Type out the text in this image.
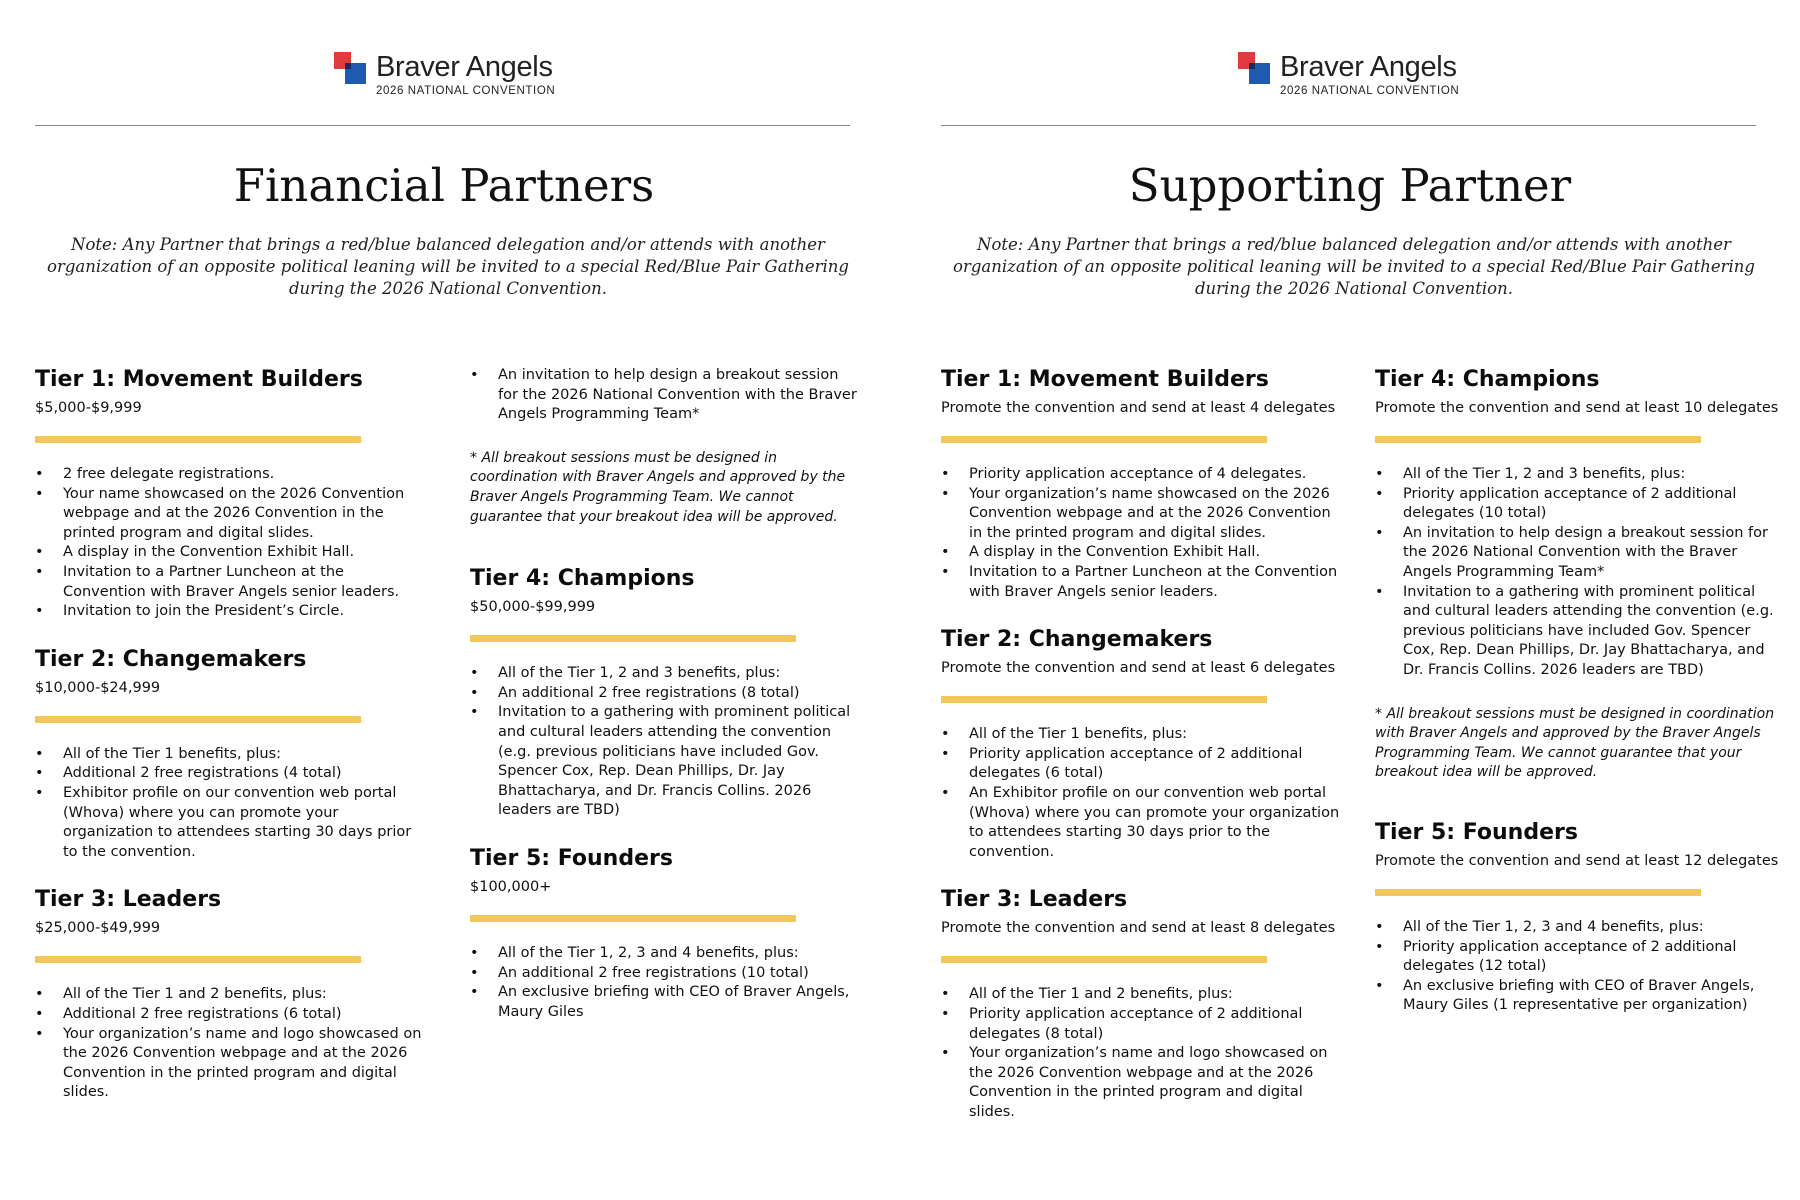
Braver Angels
2026 NATIONAL CONVENTION
Financial Partners

Note: Any Partner that brings a red/blue balanced delegation and/or attends with another organization of an opposite political leaning will be invited to a special Red/Blue Pair Gathering during the 2026 National Convention.

Tier 1: Movement Builders

$5,000-$9,999

• 2 free delegate registrations.
• Your name showcased on the 2026 Convention webpage and at the 2026 Convention in the printed program and digital slides.
• A display in the Convention Exhibit Hall.
• Invitation to a Partner Luncheon at the Convention with Braver Angels senior leaders.
• Invitation to join the President’s Circle.
Tier 2: Changemakers

$10,000-$24,999

• All of the Tier 1 benefits, plus:
• Additional 2 free registrations (4 total)
• Exhibitor profile on our convention web portal (Whova) where you can promote your organization to attendees starting 30 days prior to the convention.
Tier 3: Leaders

$25,000-$49,999

• All of the Tier 1 and 2 benefits, plus:
• Additional 2 free registrations (6 total)
• Your organization’s name and logo showcased on the 2026 Convention webpage and at the 2026 Convention in the printed program and digital slides.
• An invitation to help design a breakout session for the 2026 National Convention with the Braver Angels Programming Team*

* All breakout sessions must be designed in coordination with Braver Angels and approved by the Braver Angels Programming Team. We cannot guarantee that your breakout idea will be approved.

Tier 4: Champions

$50,000-$99,999

• All of the Tier 1, 2 and 3 benefits, plus:
• An additional 2 free registrations (8 total)
• Invitation to a gathering with prominent political and cultural leaders attending the convention (e.g. previous politicians have included Gov. Spencer Cox, Rep. Dean Phillips, Dr. Jay Bhattacharya, and Dr. Francis Collins. 2026 leaders are TBD)
Tier 5: Founders

$100,000+

• All of the Tier 1, 2, 3 and 4 benefits, plus:
• An additional 2 free registrations (10 total)
• An exclusive briefing with CEO of Braver Angels, Maury Giles
Braver Angels
2026 NATIONAL CONVENTION
Supporting Partner

Note: Any Partner that brings a red/blue balanced delegation and/or attends with another organization of an opposite political leaning will be invited to a special Red/Blue Pair Gathering during the 2026 National Convention.

Tier 1: Movement Builders

Promote the convention and send at least 4 delegates

• Priority application acceptance of 4 delegates.
• Your organization’s name showcased on the 2026 Convention webpage and at the 2026 Convention in the printed program and digital slides.
• A display in the Convention Exhibit Hall.
• Invitation to a Partner Luncheon at the Convention with Braver Angels senior leaders.
Tier 2: Changemakers

Promote the convention and send at least 6 delegates

• All of the Tier 1 benefits, plus:
• Priority application acceptance of 2 additional delegates (6 total)
• An Exhibitor profile on our convention web portal (Whova) where you can promote your organization to attendees starting 30 days prior to the convention.
Tier 3: Leaders

Promote the convention and send at least 8 delegates

• All of the Tier 1 and 2 benefits, plus:
• Priority application acceptance of 2 additional delegates (8 total)
• Your organization’s name and logo showcased on the 2026 Convention webpage and at the 2026 Convention in the printed program and digital slides.
Tier 4: Champions

Promote the convention and send at least 10 delegates

• All of the Tier 1, 2 and 3 benefits, plus:
• Priority application acceptance of 2 additional delegates (10 total)
• An invitation to help design a breakout session for the 2026 National Convention with the Braver Angels Programming Team*
• Invitation to a gathering with prominent political and cultural leaders attending the convention (e.g. previous politicians have included Gov. Spencer Cox, Rep. Dean Phillips, Dr. Jay Bhattacharya, and Dr. Francis Collins. 2026 leaders are TBD)

* All breakout sessions must be designed in coordination with Braver Angels and approved by the Braver Angels Programming Team. We cannot guarantee that your breakout idea will be approved.

Tier 5: Founders

Promote the convention and send at least 12 delegates

• All of the Tier 1, 2, 3 and 4 benefits, plus:
• Priority application acceptance of 2 additional delegates (12 total)
• An exclusive briefing with CEO of Braver Angels, Maury Giles (1 representative per organization)
